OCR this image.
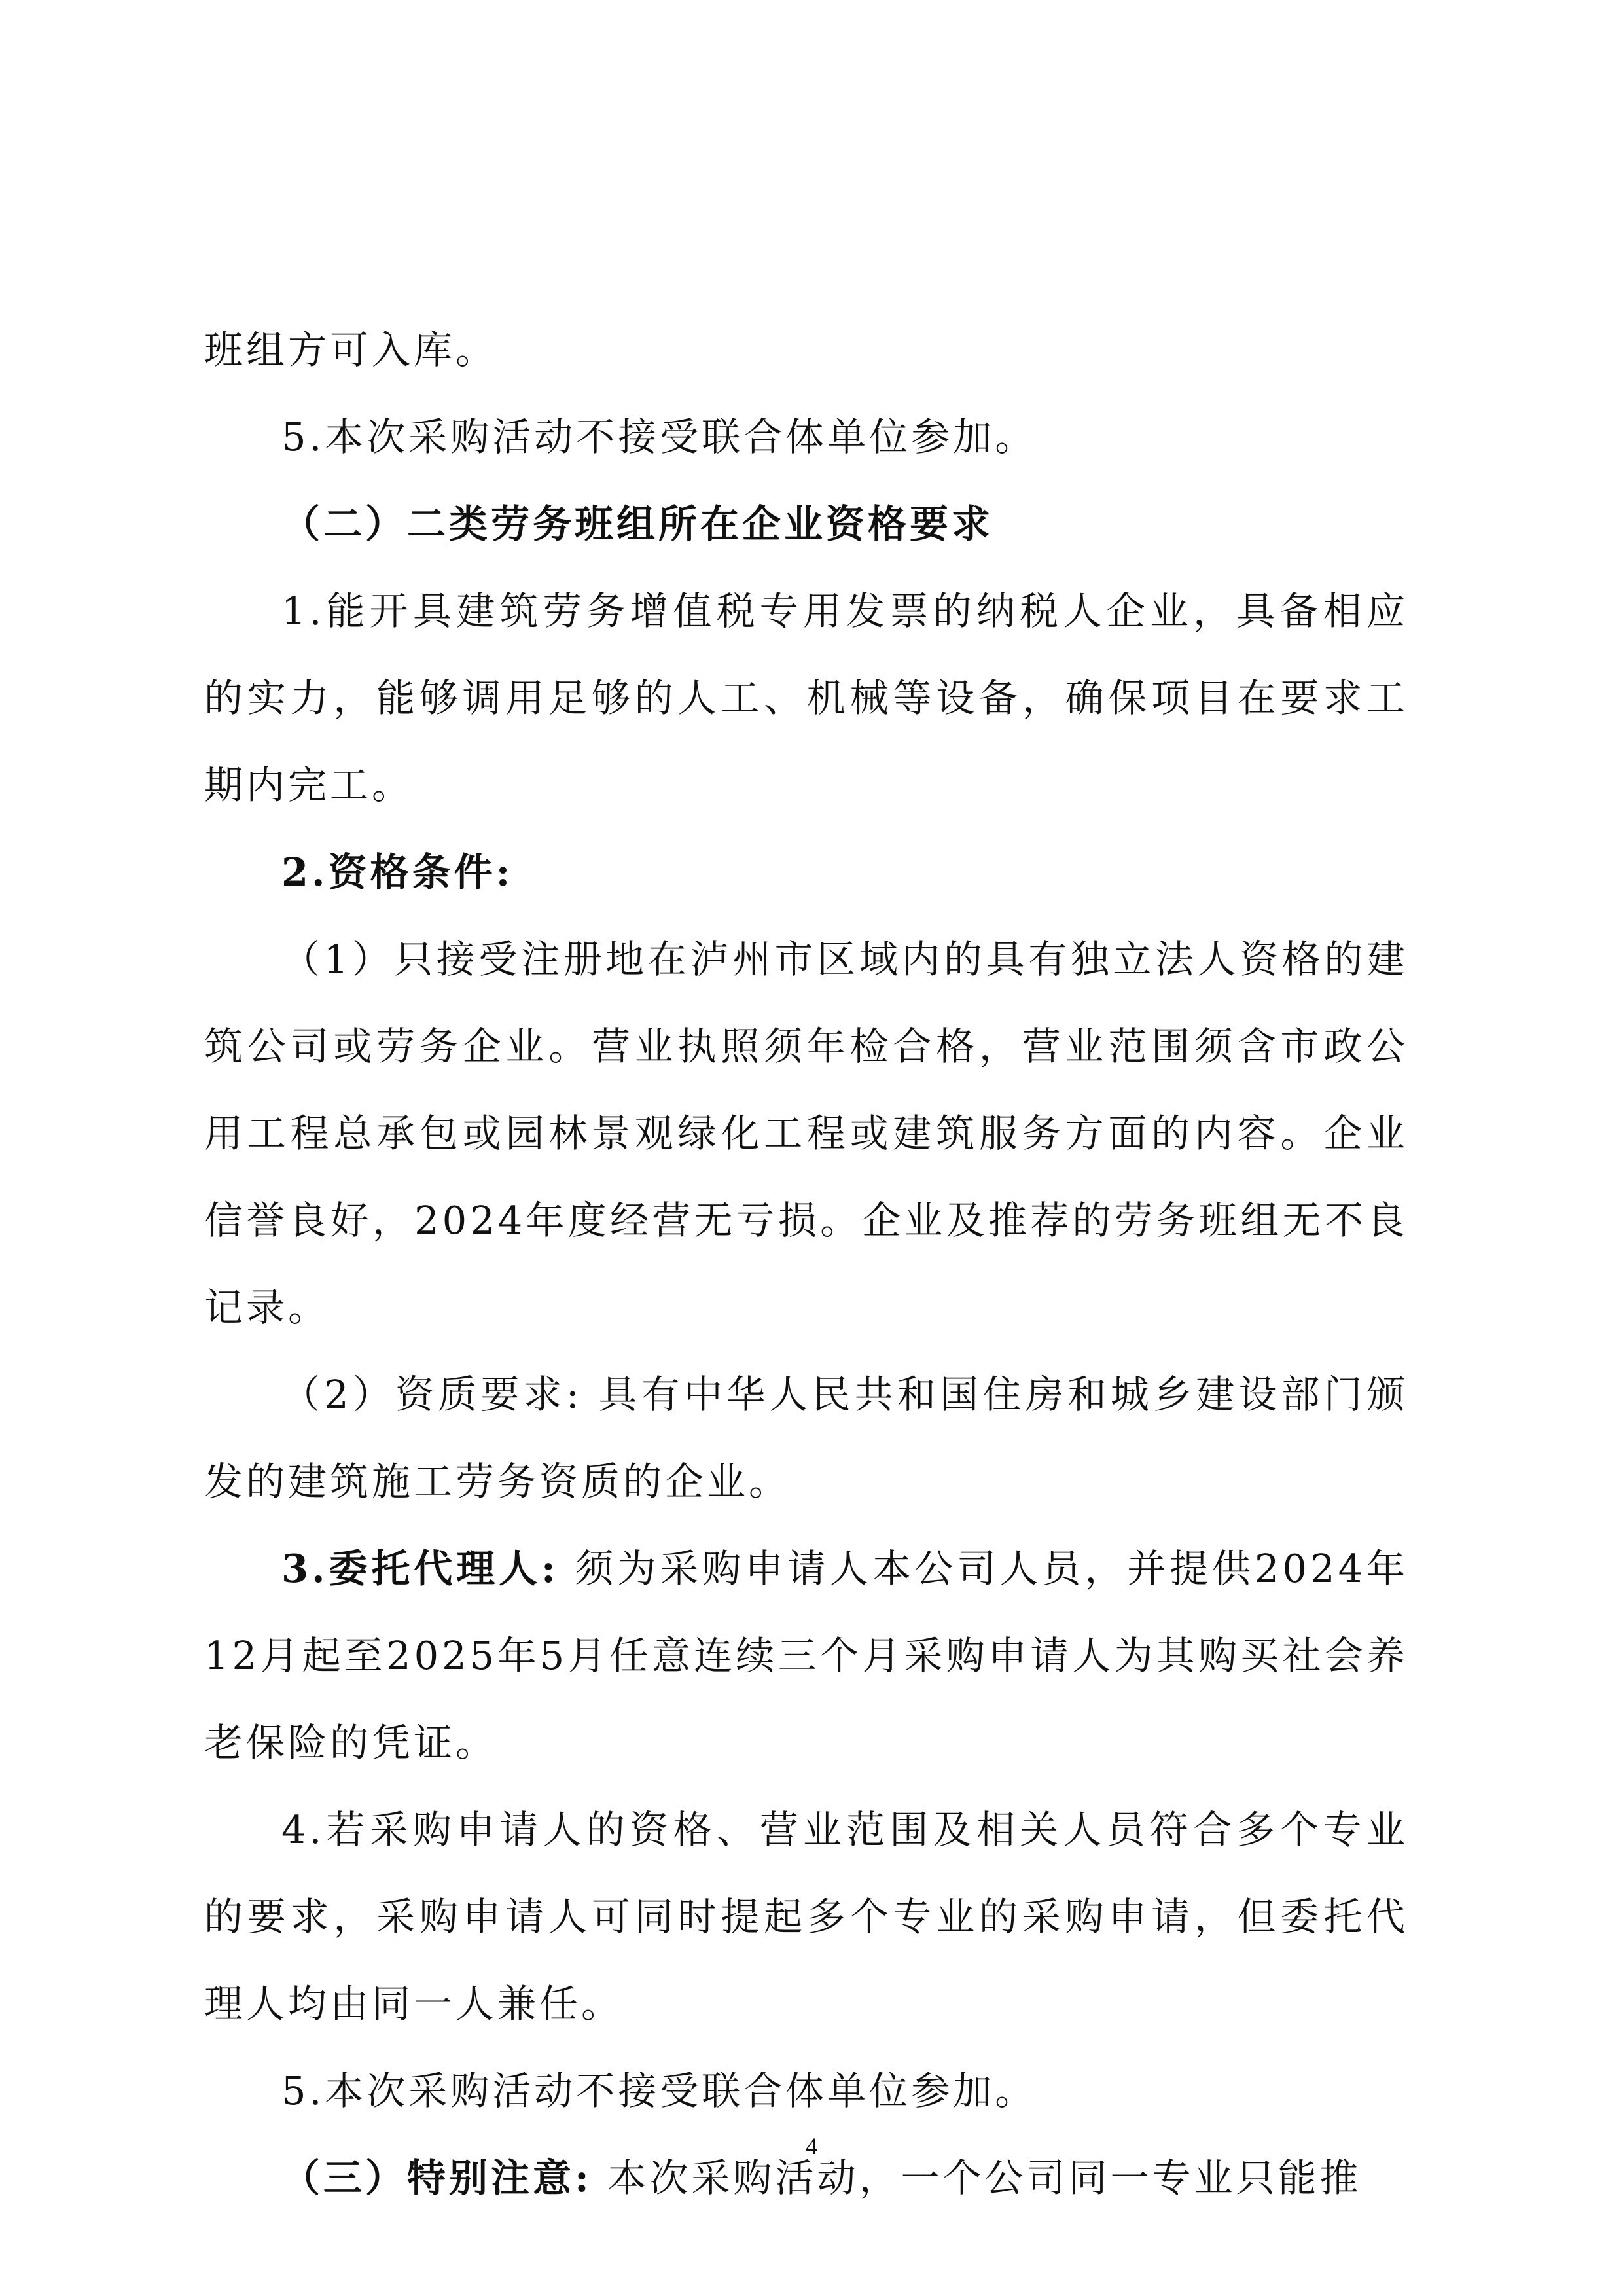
班组方可入库。

5.本次采购活动不接受联合体单位参加。

（二）二类劳务班组所在企业资格要求

1.能开具建筑劳务增值税专用发票的纳税人企业，具备相应的实力，能够调用足够的人工、机械等设备，确保项目在要求工期内完工。

2.资格条件:

（1）只接受注册地在泸州市区域内的具有独立法人资格的建筑公司或劳务企业。营业执照须年检合格，营业范围须含市政公用工程总承包或园林景观绿化工程或建筑服务方面的内容。企业信誉良好，2024年度经营无亏损。企业及推荐的劳务班组无不良记录。

（2）资质要求: 具有中华人民共和国住房和城乡建设部门颁发的建筑施工劳务资质的企业。

3.委托代理人: 须为采购申请人本公司人员，并提供2024年12月起至2025年5月任意连续三个月采购申请人为其购买社会养老保险的凭证。

4.若采购申请人的资格、营业范围及相关人员符合多个专业的要求，采购申请人可同时提起多个专业的采购申请，但委托代理人均由同一人兼任。

5.本次采购活动不接受联合体单位参加。

（三）特别注意: 本次采购活动，一个公司同一专业只能推

4
